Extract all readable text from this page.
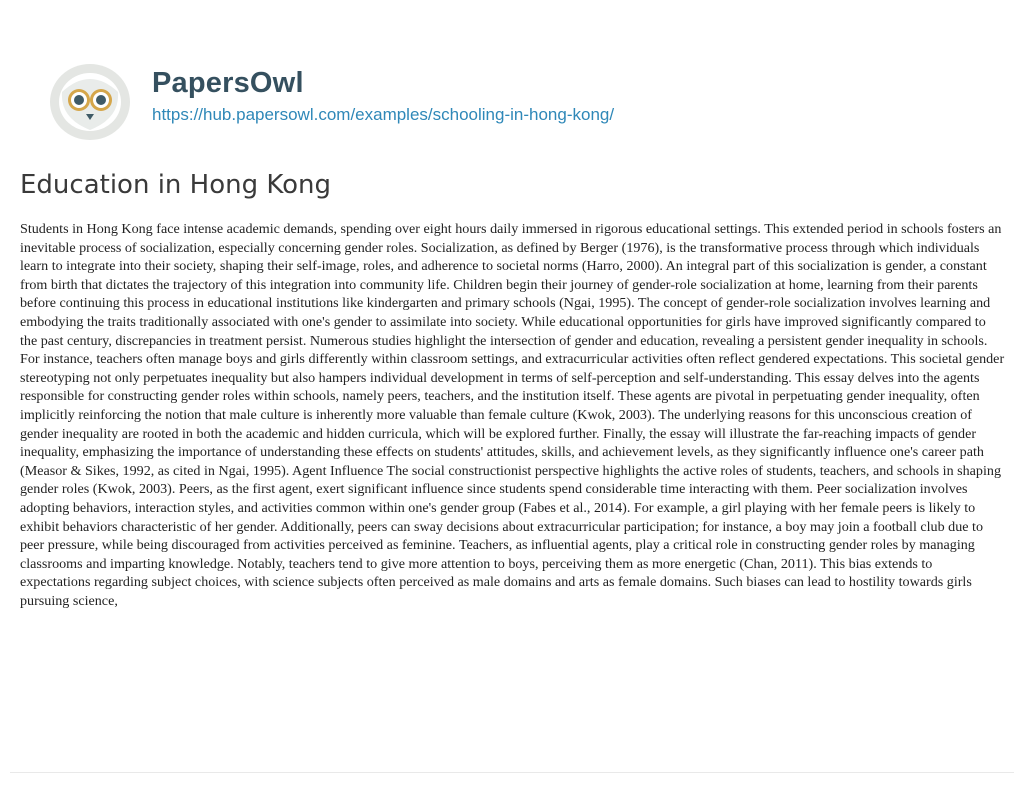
PapersOwl
https://hub.papersowl.com/examples/schooling-in-hong-kong/
Education in Hong Kong

Students in Hong Kong face intense academic demands, spending over eight hours daily immersed in rigorous educational settings. This extended period in schools fosters an inevitable process of socialization, especially concerning gender roles. Socialization, as defined by Berger (1976), is the transformative process through which individuals learn to integrate into their society, shaping their self-image, roles, and adherence to societal norms (Harro, 2000). An integral part of this socialization is gender, a constant from birth that dictates the trajectory of this integration into community life. Children begin their journey of gender-role socialization at home, learning from their parents before continuing this process in educational institutions like kindergarten and primary schools (Ngai, 1995). The concept of gender-role socialization involves learning and embodying the traits traditionally associated with one's gender to assimilate into society. While educational opportunities for girls have improved significantly compared to the past century, discrepancies in treatment persist. Numerous studies highlight the intersection of gender and education, revealing a persistent gender inequality in schools. For instance, teachers often manage boys and girls differently within classroom settings, and extracurricular activities often reflect gendered expectations. This societal gender stereotyping not only perpetuates inequality but also hampers individual development in terms of self-perception and self-understanding. This essay delves into the agents responsible for constructing gender roles within schools, namely peers, teachers, and the institution itself. These agents are pivotal in perpetuating gender inequality, often implicitly reinforcing the notion that male culture is inherently more valuable than female culture (Kwok, 2003). The underlying reasons for this unconscious creation of gender inequality are rooted in both the academic and hidden curricula, which will be explored further. Finally, the essay will illustrate the far-reaching impacts of gender inequality, emphasizing the importance of understanding these effects on students' attitudes, skills, and achievement levels, as they significantly influence one's career path (Measor & Sikes, 1992, as cited in Ngai, 1995). Agent Influence The social constructionist perspective highlights the active roles of students, teachers, and schools in shaping gender roles (Kwok, 2003). Peers, as the first agent, exert significant influence since students spend considerable time interacting with them. Peer socialization involves adopting behaviors, interaction styles, and activities common within one's gender group (Fabes et al., 2014). For example, a girl playing with her female peers is likely to exhibit behaviors characteristic of her gender. Additionally, peers can sway decisions about extracurricular participation; for instance, a boy may join a football club due to peer pressure, while being discouraged from activities perceived as feminine. Teachers, as influential agents, play a critical role in constructing gender roles by managing classrooms and imparting knowledge. Notably, teachers tend to give more attention to boys, perceiving them as more energetic (Chan, 2011). This bias extends to expectations regarding subject choices, with science subjects often perceived as male domains and arts as female domains. Such biases can lead to hostility towards girls pursuing science,
